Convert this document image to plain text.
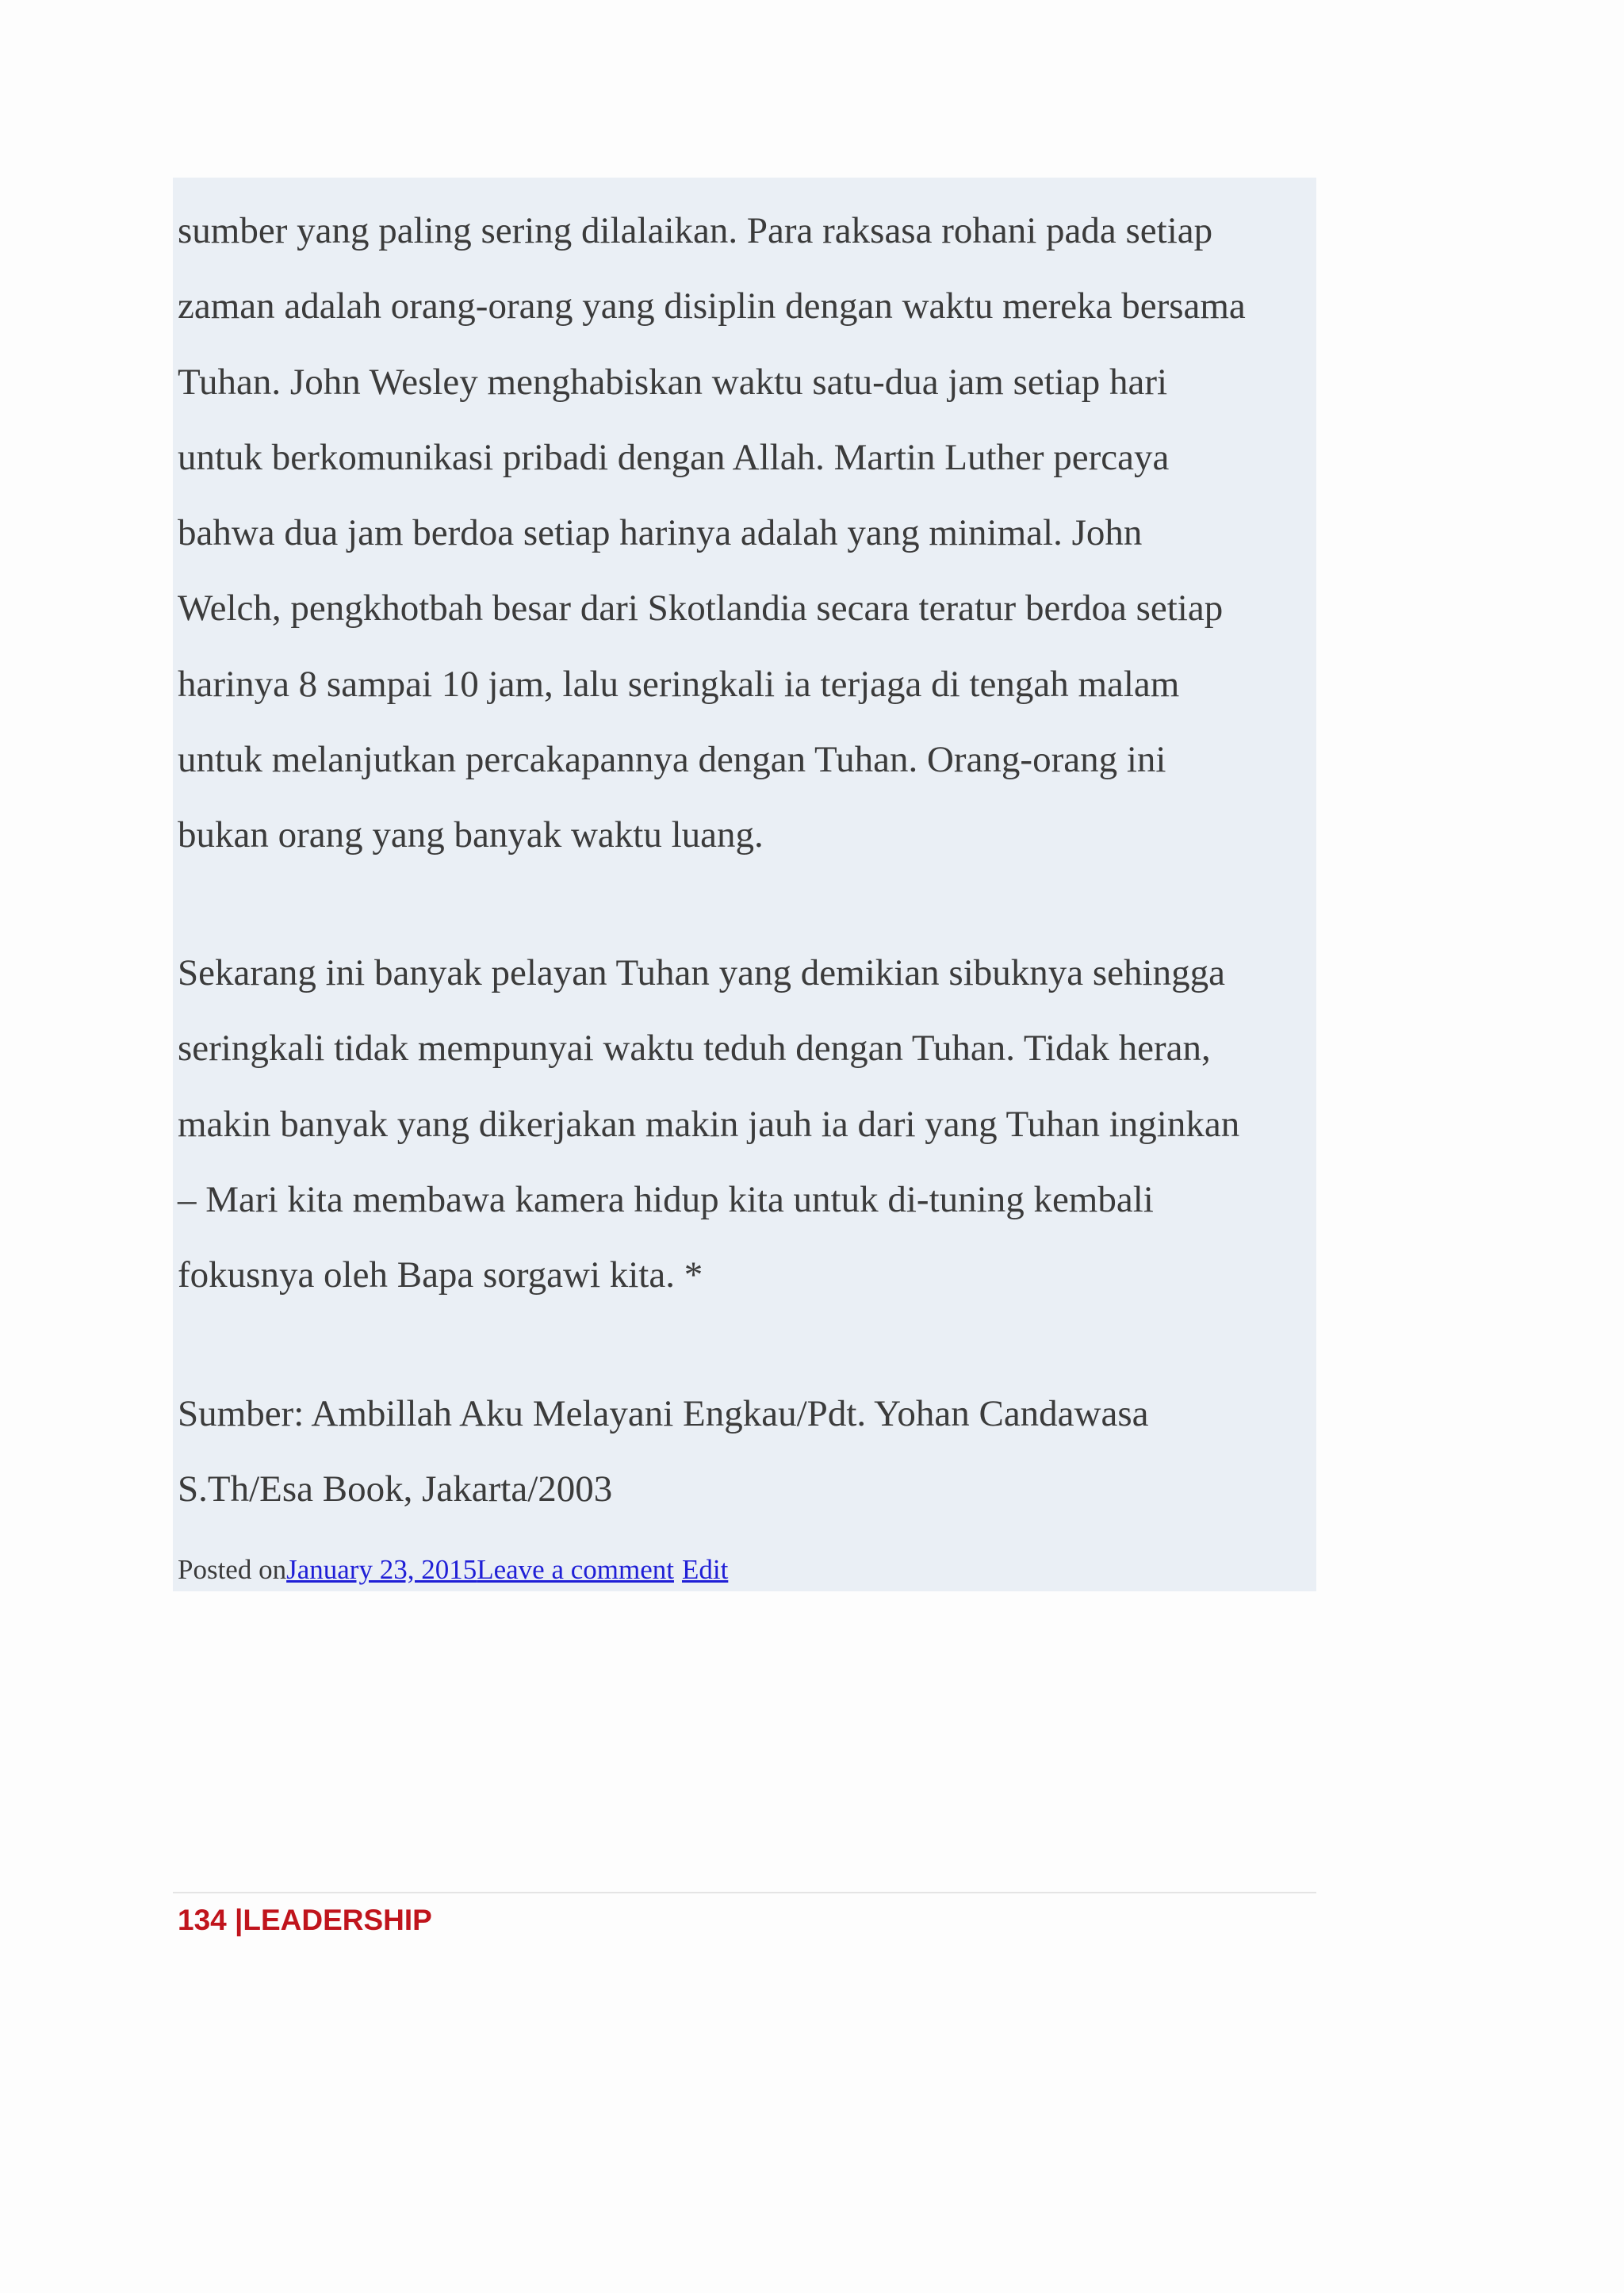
sumber yang paling sering dilalaikan. Para raksasa rohani pada setiap
zaman adalah orang-orang yang disiplin dengan waktu mereka bersama
Tuhan. John Wesley menghabiskan waktu satu-dua jam setiap hari
untuk berkomunikasi pribadi dengan Allah. Martin Luther percaya
bahwa dua jam berdoa setiap harinya adalah yang minimal. John
Welch, pengkhotbah besar dari Skotlandia secara teratur berdoa setiap
harinya 8 sampai 10 jam, lalu seringkali ia terjaga di tengah malam
untuk melanjutkan percakapannya dengan Tuhan. Orang-orang ini
bukan orang yang banyak waktu luang.

Sekarang ini banyak pelayan Tuhan yang demikian sibuknya sehingga
seringkali tidak mempunyai waktu teduh dengan Tuhan. Tidak heran,
makin banyak yang dikerjakan makin jauh ia dari yang Tuhan inginkan
– Mari kita membawa kamera hidup kita untuk di-tuning kembali
fokusnya oleh Bapa sorgawi kita. *

Sumber: Ambillah Aku Melayani Engkau/Pdt. Yohan Candawasa
S.Th/Esa Book, Jakarta/2003

Posted onJanuary 23, 2015Leave a comment Edit
134 |LEADERSHIP
